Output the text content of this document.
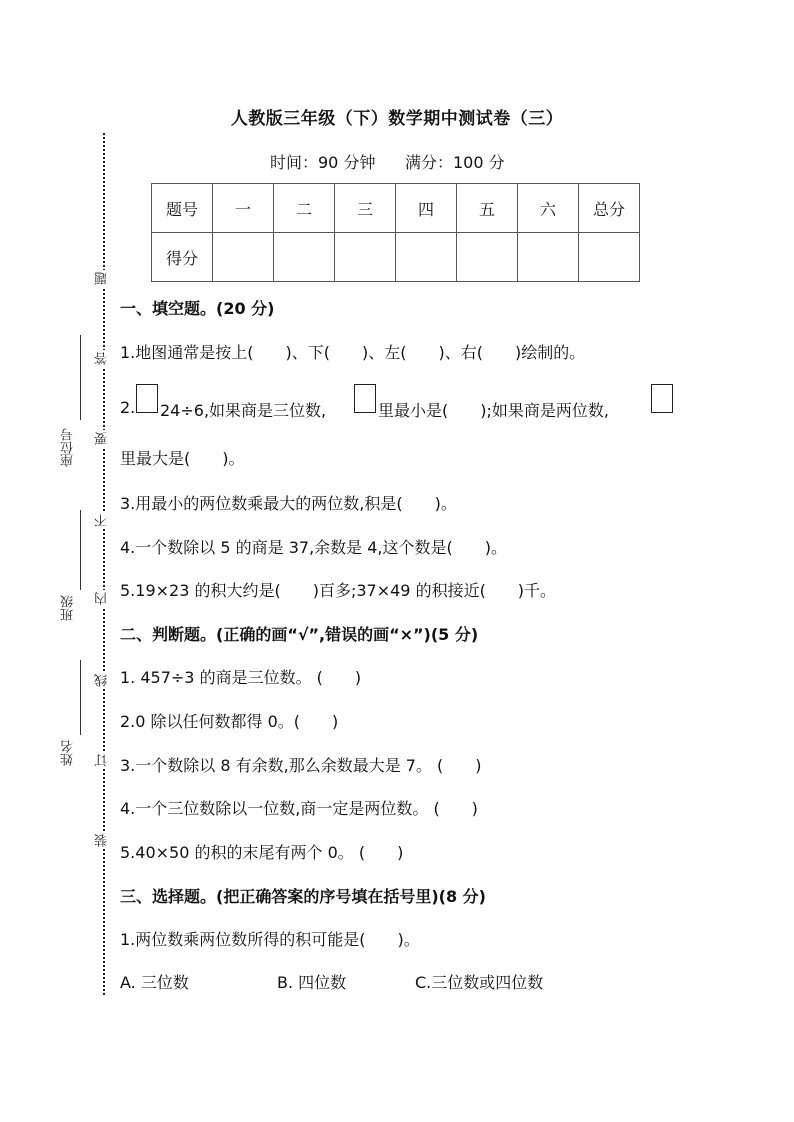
座位号
班级
姓名
题
答
要
不
内
线
订
装
人教版三年级（下）数学期中测试卷（三）
时间：90 分钟 满分：100 分
题号	一	二	三	四	五	六	总分
得分							
一、填空题。(20 分)
1.地图通常是按上(　　)、下(　　)、左(　　)、右(　　)绘制的。
2. 24÷6,如果商是三位数,	里最小是(　　);如果商是两位数,
里最大是(　　)。
3.用最小的两位数乘最大的两位数,积是(　　)。
4.一个数除以 5 的商是 37,余数是 4,这个数是(　　)。
5.19×23 的积大约是(　　)百多;37×49 的积接近(　　)千。
二、判断题。(正确的画“√”,错误的画“×”)(5 分)
1. 457÷3 的商是三位数。 (　　)
2.0 除以任何数都得 0。(　　)
3.一个数除以 8 有余数,那么余数最大是 7。 (　　)
4.一个三位数除以一位数,商一定是两位数。 (　　)
5.40×50 的积的末尾有两个 0。 (　　)
三、选择题。(把正确答案的序号填在括号里)(8 分)
1.两位数乘两位数所得的积可能是(　　)。
A. 三位数	B. 四位数	C.三位数或四位数
